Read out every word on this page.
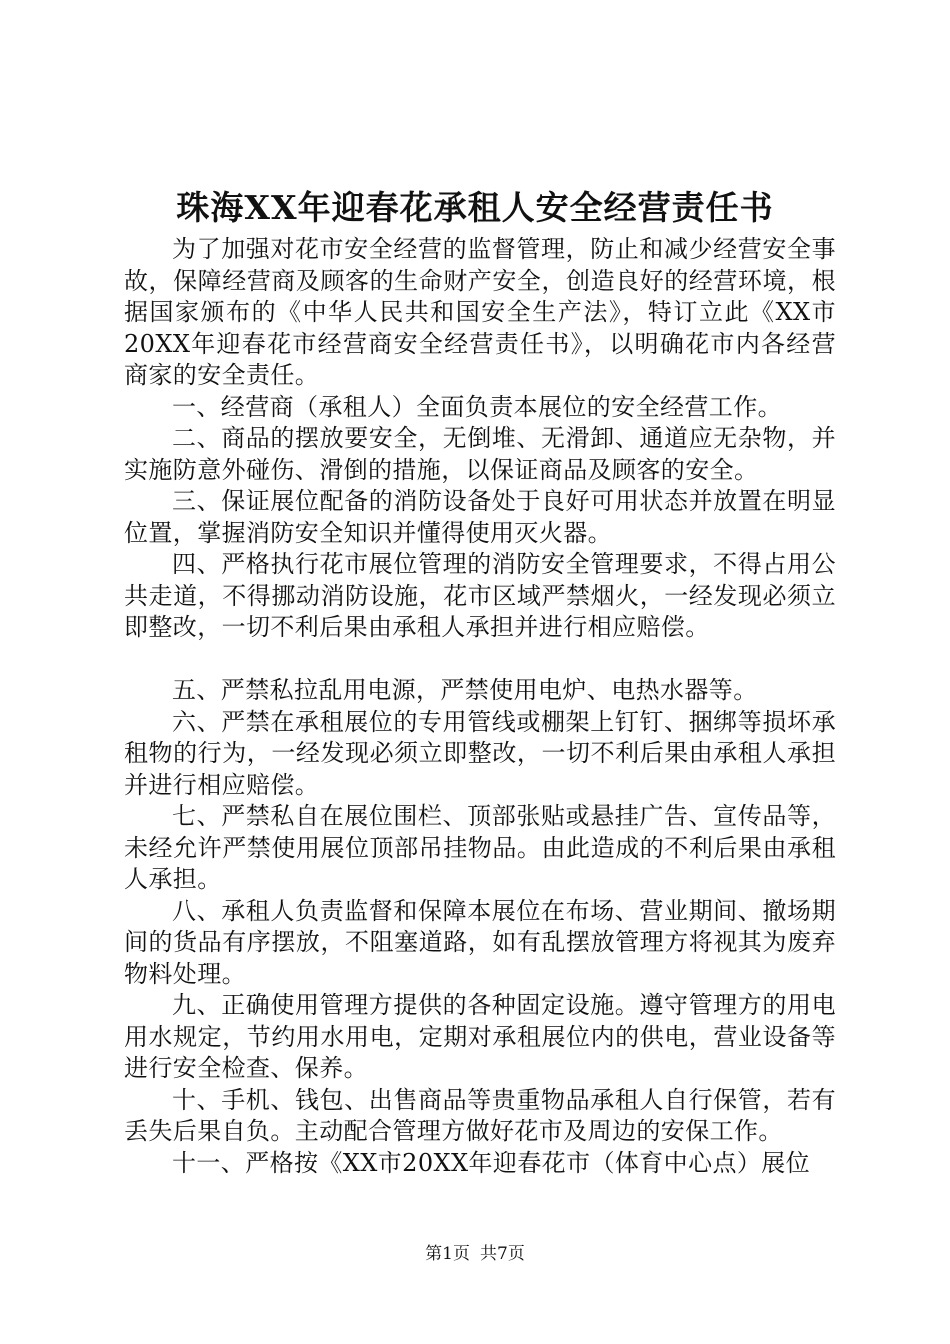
珠海XX年迎春花承租人安全经营责任书

为了加强对花市安全经营的监督管理，防止和减少经营安全事故，保障经营商及顾客的生命财产安全，创造良好的经营环境，根据国家颁布的《中华人民共和国安全生产法》，特订立此《XX市20XX年迎春花市经营商安全经营责任书》，以明确花市内各经营商家的安全责任。

一、经营商（承租人）全面负责本展位的安全经营工作。

二、商品的摆放要安全，无倒堆、无滑卸、通道应无杂物，并实施防意外碰伤、滑倒的措施，以保证商品及顾客的安全。

三、保证展位配备的消防设备处于良好可用状态并放置在明显位置，掌握消防安全知识并懂得使用灭火器。

四、严格执行花市展位管理的消防安全管理要求，不得占用公共走道，不得挪动消防设施，花市区域严禁烟火，一经发现必须立即整改，一切不利后果由承租人承担并进行相应赔偿。

五、严禁私拉乱用电源，严禁使用电炉、电热水器等。

六、严禁在承租展位的专用管线或棚架上钉钉、捆绑等损坏承租物的行为，一经发现必须立即整改，一切不利后果由承租人承担并进行相应赔偿。

七、严禁私自在展位围栏、顶部张贴或悬挂广告、宣传品等，未经允许严禁使用展位顶部吊挂物品。由此造成的不利后果由承租人承担。

八、承租人负责监督和保障本展位在布场、营业期间、撤场期间的货品有序摆放，不阻塞道路，如有乱摆放管理方将视其为废弃物料处理。

九、正确使用管理方提供的各种固定设施。遵守管理方的用电用水规定，节约用水用电，定期对承租展位内的供电，营业设备等进行安全检查、保养。

十、手机、钱包、出售商品等贵重物品承租人自行保管，若有丢失后果自负。主动配合管理方做好花市及周边的安保工作。

十一、严格按《XX市20XX年迎春花市（体育中心点）展位

第1页 共7页
